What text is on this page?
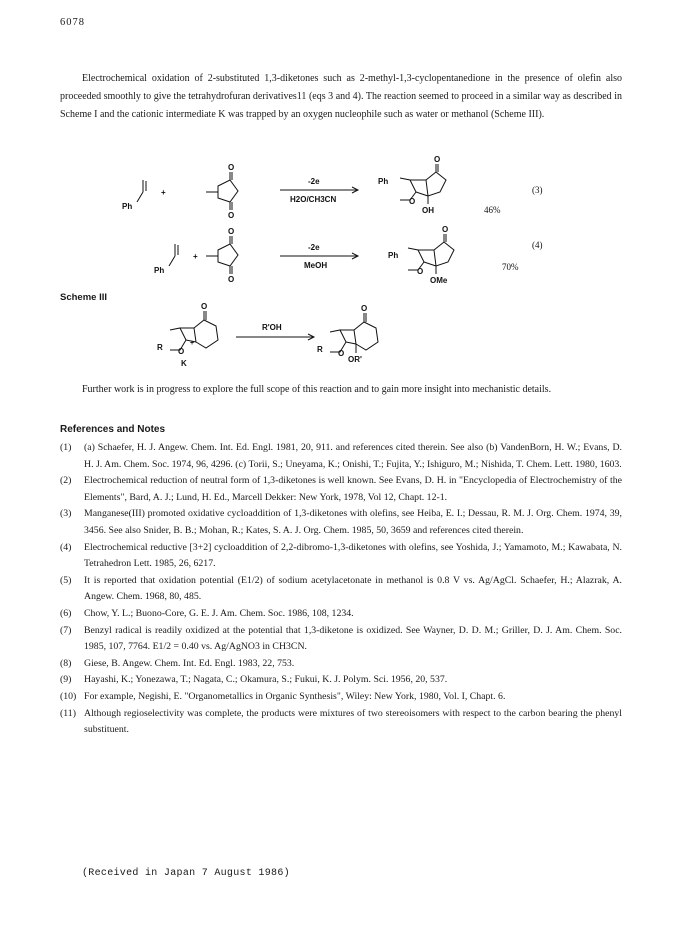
6078

Electrochemical oxidation of 2-substituted 1,3-diketones such as 2-methyl-1,3-cyclopentanedione in the presence of olefin also proceeded smoothly to give the tetrahydrofuran derivatives11 (eqs 3 and 4). The reaction seemed to proceed in a similar way as described in Scheme I and the cationic intermediate K was trapped by an oxygen nucleophile such as water or methanol (Scheme III).

Ph
+
O
O
-2e
H2O/CH3CN
Ph
O
O
OH
(3)
46%
Ph
+
O
O
-2e
MeOH
Ph
O
O
OMe
(4)
70%
O
R O
+
K
R'OH
O
R O
OR'
Scheme III

Further work is in progress to explore the full scope of this reaction and to gain more insight into mechanistic details.

References and Notes
(1)	(a) Schaefer, H. J. Angew. Chem. Int. Ed. Engl. 1981, 20, 911. and references cited therein. See also (b) VandenBorn, H. W.; Evans, D. H. J. Am. Chem. Soc. 1974, 96, 4296. (c) Torii, S.; Uneyama, K.; Onishi, T.; Fujita, Y.; Ishiguro, M.; Nishida, T. Chem. Lett. 1980, 1603.
(2)	Electrochemical reduction of neutral form of 1,3-diketones is well known. See Evans, D. H. in "Encyclopedia of Electrochemistry of the Elements", Bard, A. J.; Lund, H. Ed., Marcell Dekker: New York, 1978, Vol 12, Chapt. 12-1.
(3)	Manganese(III) promoted oxidative cycloaddition of 1,3-diketones with olefins, see Heiba, E. I.; Dessau, R. M. J. Org. Chem. 1974, 39, 3456. See also Snider, B. B.; Mohan, R.; Kates, S. A. J. Org. Chem. 1985, 50, 3659 and references cited therein.
(4)	Electrochemical reductive [3+2] cycloaddition of 2,2-dibromo-1,3-diketones with olefins, see Yoshida, J.; Yamamoto, M.; Kawabata, N. Tetrahedron Lett. 1985, 26, 6217.
(5)	It is reported that oxidation potential (E1/2) of sodium acetylacetonate in methanol is 0.8 V vs. Ag/AgCl. Schaefer, H.; Alazrak, A. Angew. Chem. 1968, 80, 485.
(6)	Chow, Y. L.; Buono-Core, G. E. J. Am. Chem. Soc. 1986, 108, 1234.
(7)	Benzyl radical is readily oxidized at the potential that 1,3-diketone is oxidized. See Wayner, D. D. M.; Griller, D. J. Am. Chem. Soc. 1985, 107, 7764. E1/2 = 0.40 vs. Ag/AgNO3 in CH3CN.
(8)	Giese, B. Angew. Chem. Int. Ed. Engl. 1983, 22, 753.
(9)	Hayashi, K.; Yonezawa, T.; Nagata, C.; Okamura, S.; Fukui, K. J. Polym. Sci. 1956, 20, 537.
(10) For example, Negishi, E. "Organometallics in Organic Synthesis", Wiley: New York, 1980, Vol. I, Chapt. 6.
(11) Although regioselectivity was complete, the products were mixtures of two stereoisomers with respect to the carbon bearing the phenyl substituent.
(Received in Japan 7 August 1986)
